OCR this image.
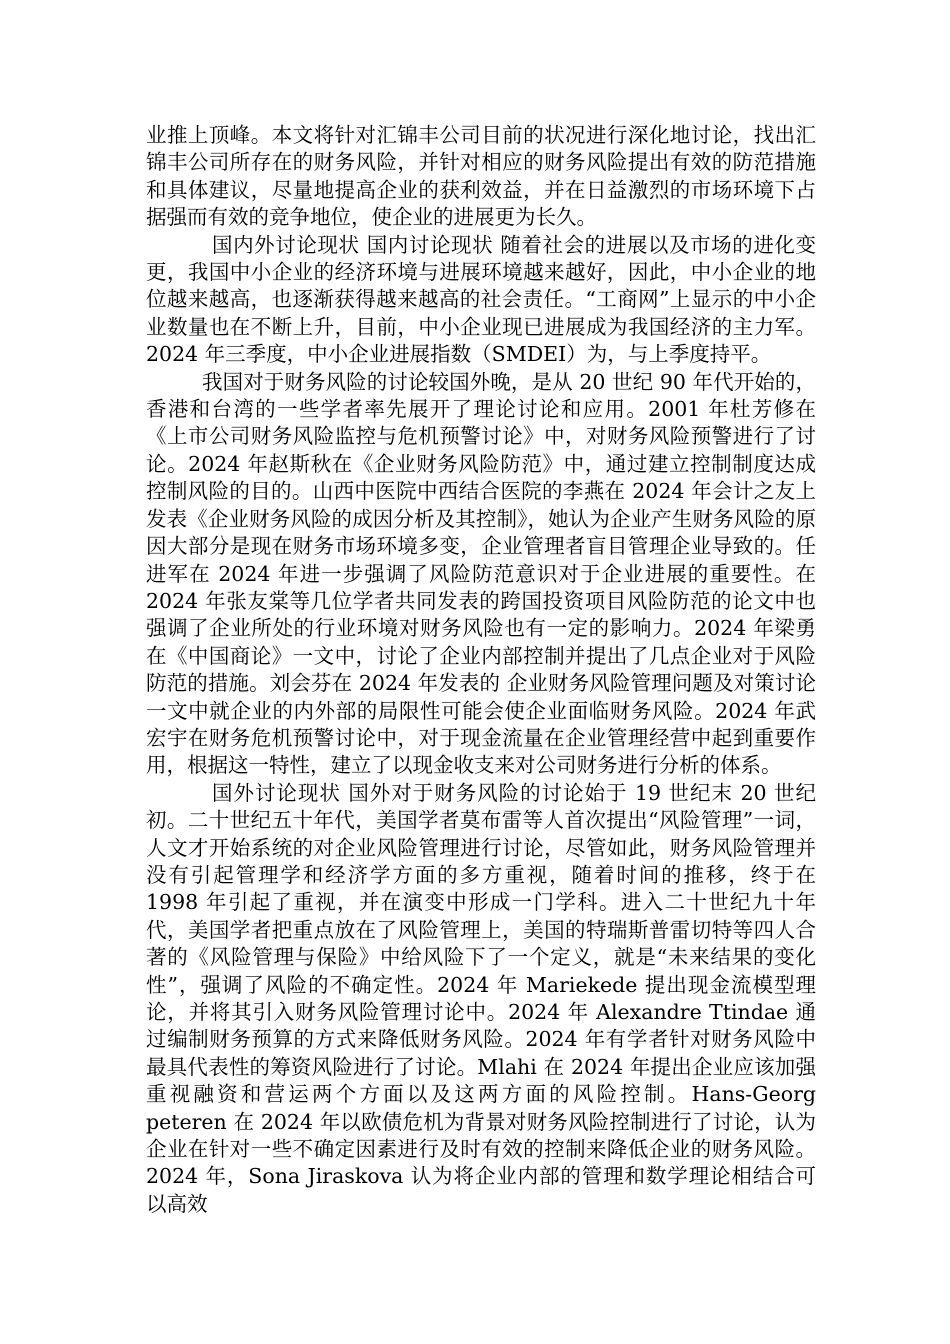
业推上顶峰。本文将针对汇锦丰公司目前的状况进行深化地讨论，找出汇锦丰公司所存在的财务风险，并针对相应的财务风险提出有效的防范措施和具体建议，尽量地提高企业的获利效益，并在日益激烈的市场环境下占据强而有效的竞争地位，使企业的进展更为长久。

国内外讨论现状 国内讨论现状 随着社会的进展以及市场的进化变更，我国中小企业的经济环境与进展环境越来越好，因此，中小企业的地位越来越高，也逐渐获得越来越高的社会责任。“工商网”上显示的中小企业数量也在不断上升，目前，中小企业现已进展成为我国经济的主力军。2024 年三季度，中小企业进展指数（SMDEI）为，与上季度持平。

我国对于财务风险的讨论较国外晚，是从 20 世纪 90 年代开始的，香港和台湾的一些学者率先展开了理论讨论和应用。2001 年杜芳修在《上市公司财务风险监控与危机预警讨论》中，对财务风险预警进行了讨论。2024 年赵斯秋在《企业财务风险防范》中，通过建立控制制度达成控制风险的目的。山西中医院中西结合医院的李燕在 2024 年会计之友上发表《企业财务风险的成因分析及其控制》，她认为企业产生财务风险的原因大部分是现在财务市场环境多变，企业管理者盲目管理企业导致的。任进军在 2024 年进一步强调了风险防范意识对于企业进展的重要性。在 2024 年张友棠等几位学者共同发表的跨国投资项目风险防范的论文中也强调了企业所处的行业环境对财务风险也有一定的影响力。2024 年梁勇在《中国商论》一文中，讨论了企业内部控制并提出了几点企业对于风险防范的措施。刘会芬在 2024 年发表的 企业财务风险管理问题及对策讨论一文中就企业的内外部的局限性可能会使企业面临财务风险。2024 年武宏宇在财务危机预警讨论中，对于现金流量在企业管理经营中起到重要作用，根据这一特性，建立了以现金收支来对公司财务进行分析的体系。

国外讨论现状 国外对于财务风险的讨论始于 19 世纪末 20 世纪初。二十世纪五十年代，美国学者莫布雷等人首次提出“风险管理”一词，人文才开始系统的对企业风险管理进行讨论，尽管如此，财务风险管理并没有引起管理学和经济学方面的多方重视，随着时间的推移，终于在 1998 年引起了重视，并在演变中形成一门学科。进入二十世纪九十年代，美国学者把重点放在了风险管理上，美国的特瑞斯普雷切特等四人合著的《风险管理与保险》中给风险下了一个定义，就是“未来结果的变化性”，强调了风险的不确定性。2024 年 Mariekede 提出现金流模型理论，并将其引入财务风险管理讨论中。2024 年 Alexandre Ttindae 通过编制财务预算的方式来降低财务风险。2024 年有学者针对财务风险中最具代表性的筹资风险进行了讨论。Mlahi 在 2024 年提出企业应该加强重视融资和营运两个方面以及这两方面的风险控制。Hans-Georg peteren 在 2024 年以欧债危机为背景对财务风险控制进行了讨论，认为企业在针对一些不确定因素进行及时有效的控制来降低企业的财务风险。2024 年，Sona Jiraskova 认为将企业内部的管理和数学理论相结合可以高效
